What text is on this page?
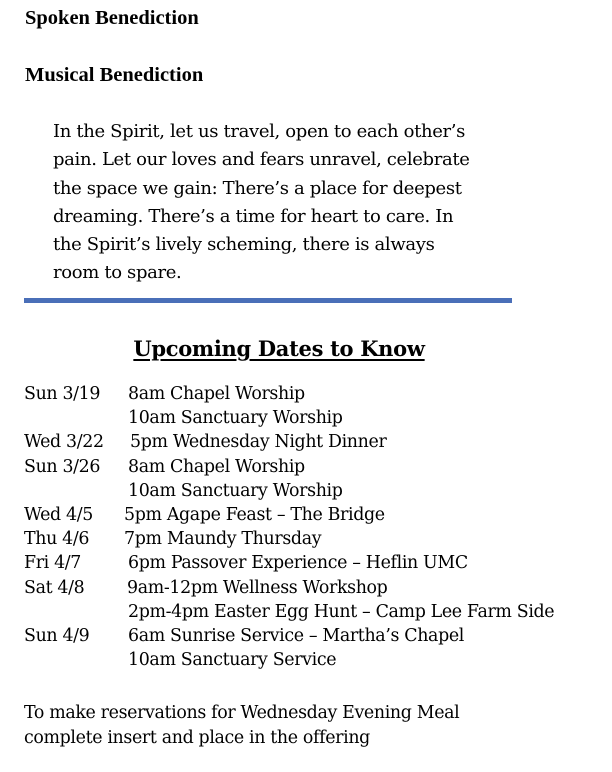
Spoken Benediction
Musical Benediction
In the Spirit, let us travel, open to each other’s
pain. Let our loves and fears unravel, celebrate
the space we gain: There’s a place for deepest
dreaming. There’s a time for heart to care. In
the Spirit’s lively scheming, there is always
room to spare.
Upcoming Dates to Know
Sun 3/19 8am Chapel Worship
10am Sanctuary Worship
Wed 3/22 5pm Wednesday Night Dinner
Sun 3/26 8am Chapel Worship
10am Sanctuary Worship
Wed 4/5 5pm Agape Feast – The Bridge
Thu 4/6 7pm Maundy Thursday
Fri 4/7	6pm Passover Experience – Heflin UMC
Sat 4/8 9am-12pm Wellness Workshop
2pm-4pm Easter Egg Hunt – Camp Lee Farm Side
Sun 4/9 6am Sunrise Service – Martha’s Chapel
10am Sanctuary Service
To make reservations for Wednesday Evening Meal
complete insert and place in the offering
